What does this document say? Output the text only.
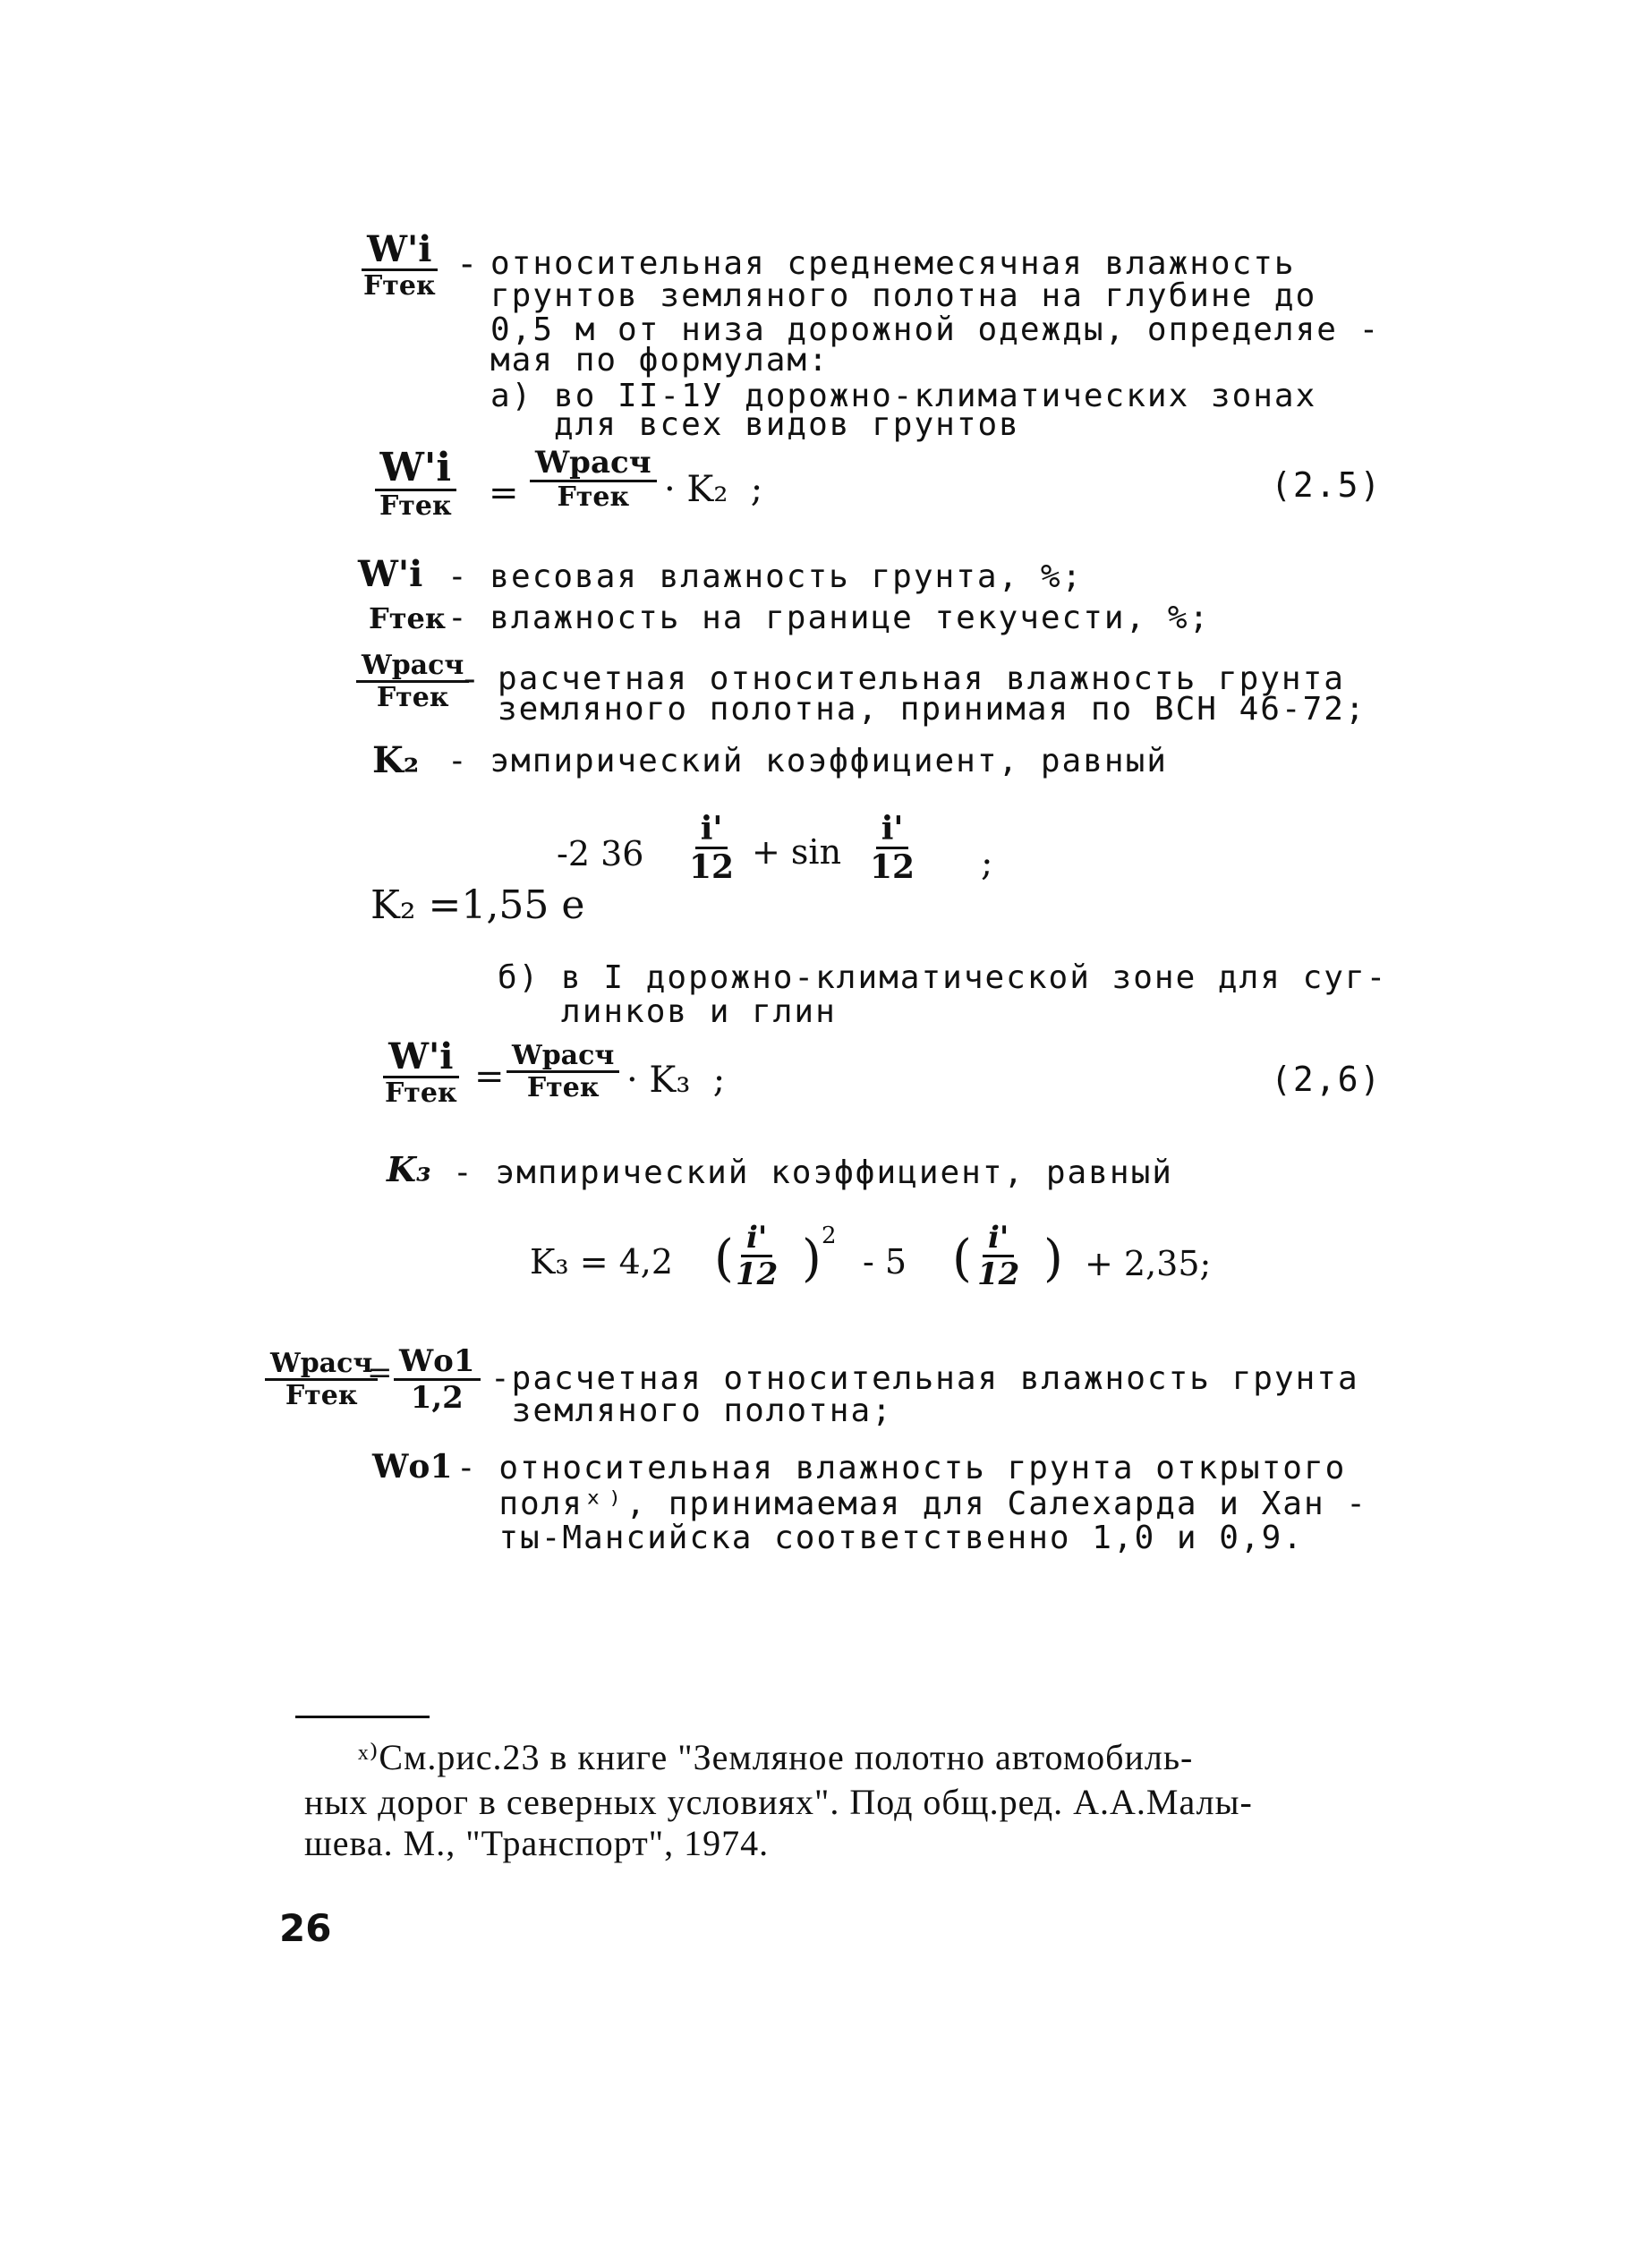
W'i
Fтек
- относительная среднемесячная влажность
грунтов земляного полотна на глубине до
0,5 м от низа дорожной одежды, определяе -
мая по формулам:
а) во II-1У дорожно-климатических зонах
для всех видов грунтов
W'i
Fтек =
Wрасч
Fтек · K₂  ;	(2.5)
W'i - весовая влажность грунта, %;
Fтек - влажность на границе текучести, %;
Wрасч
Fтек - расчетная относительная влажность грунта
земляного полотна, принимая по ВСН 46-72;
K₂ - эмпирический коэффициент, равный
K₂ =1,55 e
-2 $36 \frac{i'}{12} + \sin \frac{i'}{12}$ ;
б) в I дорожно-климатической зоне для суг-
линков и глин
W'i
Fтек =
Wрасч
Fтек · K₃  ;	(2,6)
K₃ - эмпирический коэффициент, равный
K₃ = 4,2 (
$\frac{i'}{12}$ ) 2
- 5 ( $\frac{i'}{12}$ ) + 2,35;
Wрасч
Fтек
= Wо1
1,2
-расчетная относительная влажность грунта
земляного полотна;
Wо1 - относительная влажность грунта открытого
поляˣ⁾, принимаемая для Салехарда и Хан -
ты-Мансийска соответственно 1,0 и 0,9.
ˣ⁾См.рис.23 в книге "Земляное полотно автомобиль-
ных дорог в северных условиях". Под общ.ред. А.А.Малы-
шева. М., "Транспорт", 1974.
26
